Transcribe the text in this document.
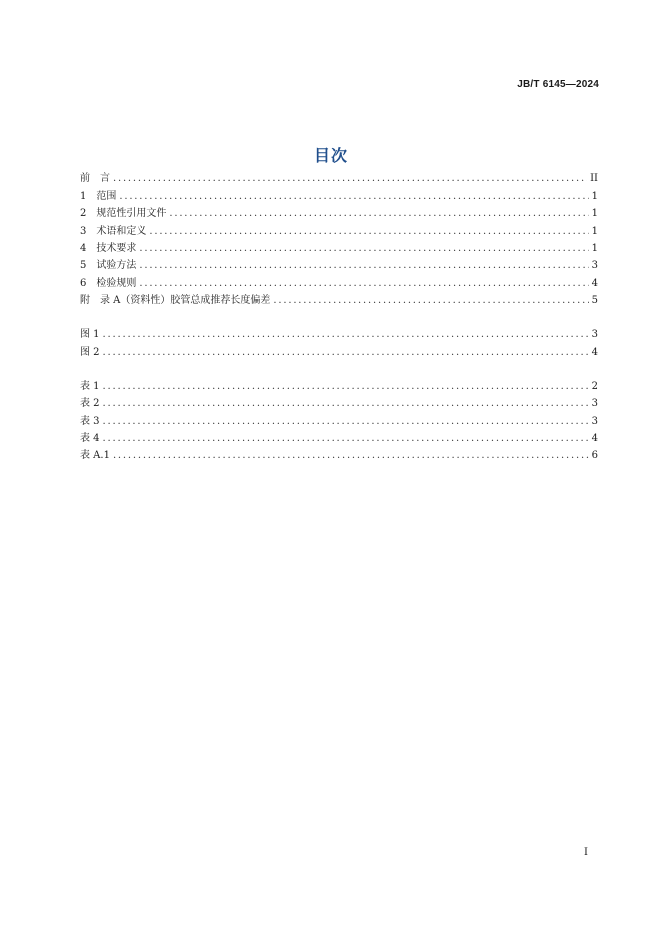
JB/T 6145—2024
目次
前　言 .....	II
1　范围 .....	1
2　规范性引用文件 .....	1
3　术语和定义 .....	1
4　技术要求 .....	1
5　试验方法 .....	3
6　检验规则 .....	4
附　录 A（资料性）胶管总成推荐长度偏差 .....	5
图 1 .....	3
图 2 .....	4
表 1 .....	2
表 2 .....	3
表 3 .....	3
表 4 .....	4
表 A.1 .....	6
I
